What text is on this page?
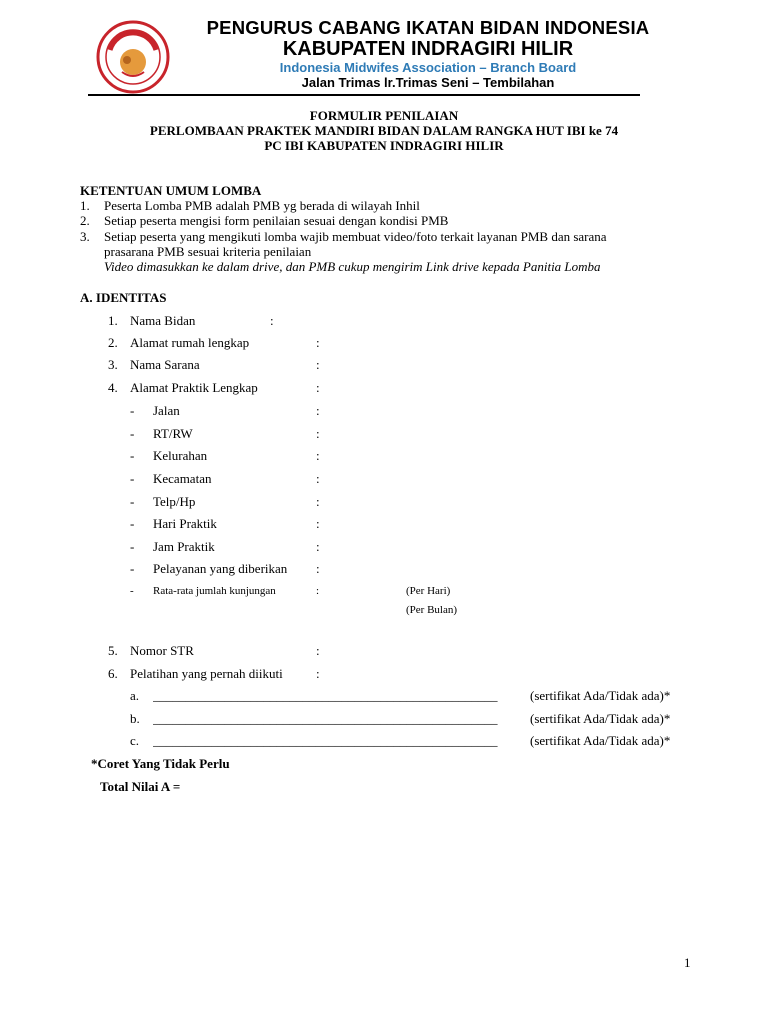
PENGURUS CABANG IKATAN BIDAN INDONESIA
KABUPATEN INDRAGIRI HILIR
Indonesia Midwifes Association – Branch Board
Jalan Trimas lr.Trimas Seni – Tembilahan
FORMULIR PENILAIAN
PERLOMBAAN PRAKTEK MANDIRI BIDAN DALAM RANGKA HUT IBI ke 74
PC IBI KABUPATEN INDRAGIRI HILIR
KETENTUAN UMUM LOMBA
1. Peserta Lomba PMB adalah PMB yg berada di wilayah Inhil
2. Setiap peserta mengisi form penilaian sesuai dengan kondisi PMB
3. Setiap peserta yang mengikuti lomba wajib membuat video/foto terkait layanan PMB dan sarana
prasarana PMB sesuai kriteria penilaian
Video dimasukkan ke dalam drive, dan PMB cukup mengirim Link drive kepada Panitia Lomba
A. IDENTITAS
1. Nama Bidan	:
2. Alamat rumah lengkap	:
3. Nama Sarana	:
4. Alamat Praktik Lengkap	:
- Jalan	:
- RT/RW	:
- Kelurahan	:
- Kecamatan	:
- Telp/Hp	:
- Hari Praktik	:
- Jam Praktik	:
- Pelayanan yang diberikan :
- Rata-rata jumlah kunjungan	:	(Per Hari)
(Per Bulan)
5. Nomor STR	:
6. Pelatihan yang pernah diikuti	:
a. _____________________________________________________	(sertifikat Ada/Tidak ada)*
b. _____________________________________________________	(sertifikat Ada/Tidak ada)*
c. _____________________________________________________	(sertifikat Ada/Tidak ada)*
*Coret Yang Tidak Perlu
Total Nilai A =
1
